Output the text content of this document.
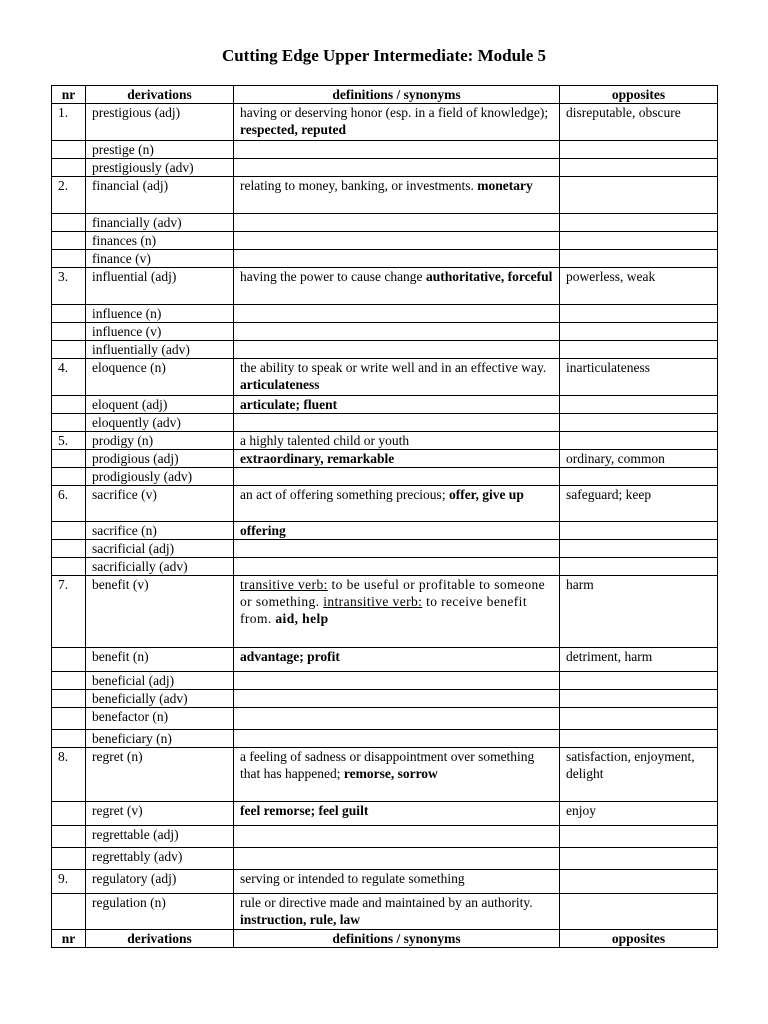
Cutting Edge Upper Intermediate: Module 5
nr	derivations	definitions / synonyms	opposites
1.	prestigious (adj)	having or deserving honor (esp. in a field of knowledge); respected, reputed	disreputable, obscure
	prestige (n)		
	prestigiously (adv)		
2.	financial (adj)	relating to money, banking, or investments. monetary	
	financially (adv)		
	finances (n)		
	finance (v)		
3.	influential (adj)	having the power to cause change authoritative, forceful	powerless, weak
	influence (n)		
	influence (v)		
	influentially (adv)		
4.	eloquence (n)	the ability to speak or write well and in an effective way. articulateness	inarticulateness
	eloquent (adj)	articulate; fluent	
	eloquently (adv)		
5.	prodigy (n)	a highly talented child or youth	
	prodigious (adj)	extraordinary, remarkable	ordinary, common
	prodigiously (adv)		
6.	sacrifice (v)	an act of offering something precious; offer, give up	safeguard; keep
	sacrifice (n)	offering	
	sacrificial (adj)		
	sacrificially (adv)		
7.	benefit (v)	transitive verb: to be useful or profitable to someone or something. intransitive verb: to receive benefit from. aid, help	harm
	benefit (n)	advantage; profit	detriment, harm
	beneficial (adj)		
	beneficially (adv)		
	benefactor (n)		
	beneficiary (n)		
8.	regret (n)	a feeling of sadness or disappointment over something that has happened; remorse, sorrow	satisfaction, enjoyment, delight
	regret (v)	feel remorse; feel guilt	enjoy
	regrettable (adj)		
	regrettably (adv)		
9.	regulatory (adj)	serving or intended to regulate something	
	regulation (n)	rule or directive made and maintained by an authority. instruction, rule, law	
nr	derivations	definitions / synonyms	opposites
